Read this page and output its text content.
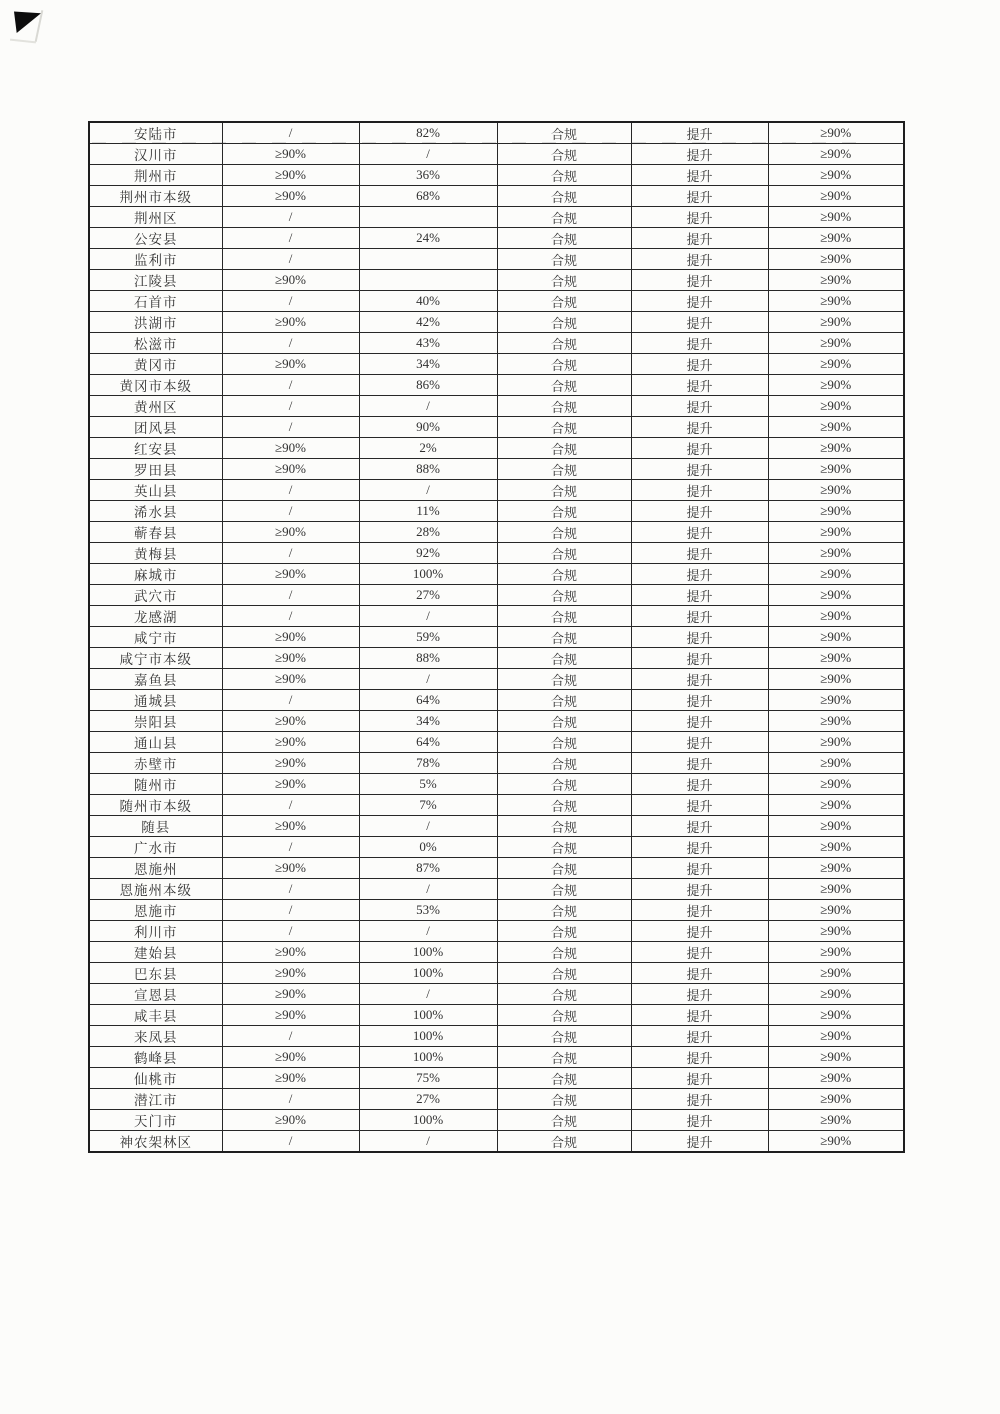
安陆市	/	82%	合规	提升	≥90%
汉川市	≥90%	/	合规	提升	≥90%
荆州市	≥90%	36%	合规	提升	≥90%
荆州市本级	≥90%	68%	合规	提升	≥90%
荆州区	/		合规	提升	≥90%
公安县	/	24%	合规	提升	≥90%
监利市	/		合规	提升	≥90%
江陵县	≥90%		合规	提升	≥90%
石首市	/	40%	合规	提升	≥90%
洪湖市	≥90%	42%	合规	提升	≥90%
松滋市	/	43%	合规	提升	≥90%
黄冈市	≥90%	34%	合规	提升	≥90%
黄冈市本级	/	86%	合规	提升	≥90%
黄州区	/	/	合规	提升	≥90%
团风县	/	90%	合规	提升	≥90%
红安县	≥90%	2%	合规	提升	≥90%
罗田县	≥90%	88%	合规	提升	≥90%
英山县	/	/	合规	提升	≥90%
浠水县	/	11%	合规	提升	≥90%
蕲春县	≥90%	28%	合规	提升	≥90%
黄梅县	/	92%	合规	提升	≥90%
麻城市	≥90%	100%	合规	提升	≥90%
武穴市	/	27%	合规	提升	≥90%
龙感湖	/	/	合规	提升	≥90%
咸宁市	≥90%	59%	合规	提升	≥90%
咸宁市本级	≥90%	88%	合规	提升	≥90%
嘉鱼县	≥90%	/	合规	提升	≥90%
通城县	/	64%	合规	提升	≥90%
崇阳县	≥90%	34%	合规	提升	≥90%
通山县	≥90%	64%	合规	提升	≥90%
赤壁市	≥90%	78%	合规	提升	≥90%
随州市	≥90%	5%	合规	提升	≥90%
随州市本级	/	7%	合规	提升	≥90%
随县	≥90%	/	合规	提升	≥90%
广水市	/	0%	合规	提升	≥90%
恩施州	≥90%	87%	合规	提升	≥90%
恩施州本级	/	/	合规	提升	≥90%
恩施市	/	53%	合规	提升	≥90%
利川市	/	/	合规	提升	≥90%
建始县	≥90%	100%	合规	提升	≥90%
巴东县	≥90%	100%	合规	提升	≥90%
宣恩县	≥90%	/	合规	提升	≥90%
咸丰县	≥90%	100%	合规	提升	≥90%
来凤县	/	100%	合规	提升	≥90%
鹤峰县	≥90%	100%	合规	提升	≥90%
仙桃市	≥90%	75%	合规	提升	≥90%
潜江市	/	27%	合规	提升	≥90%
天门市	≥90%	100%	合规	提升	≥90%
神农架林区	/	/	合规	提升	≥90%
